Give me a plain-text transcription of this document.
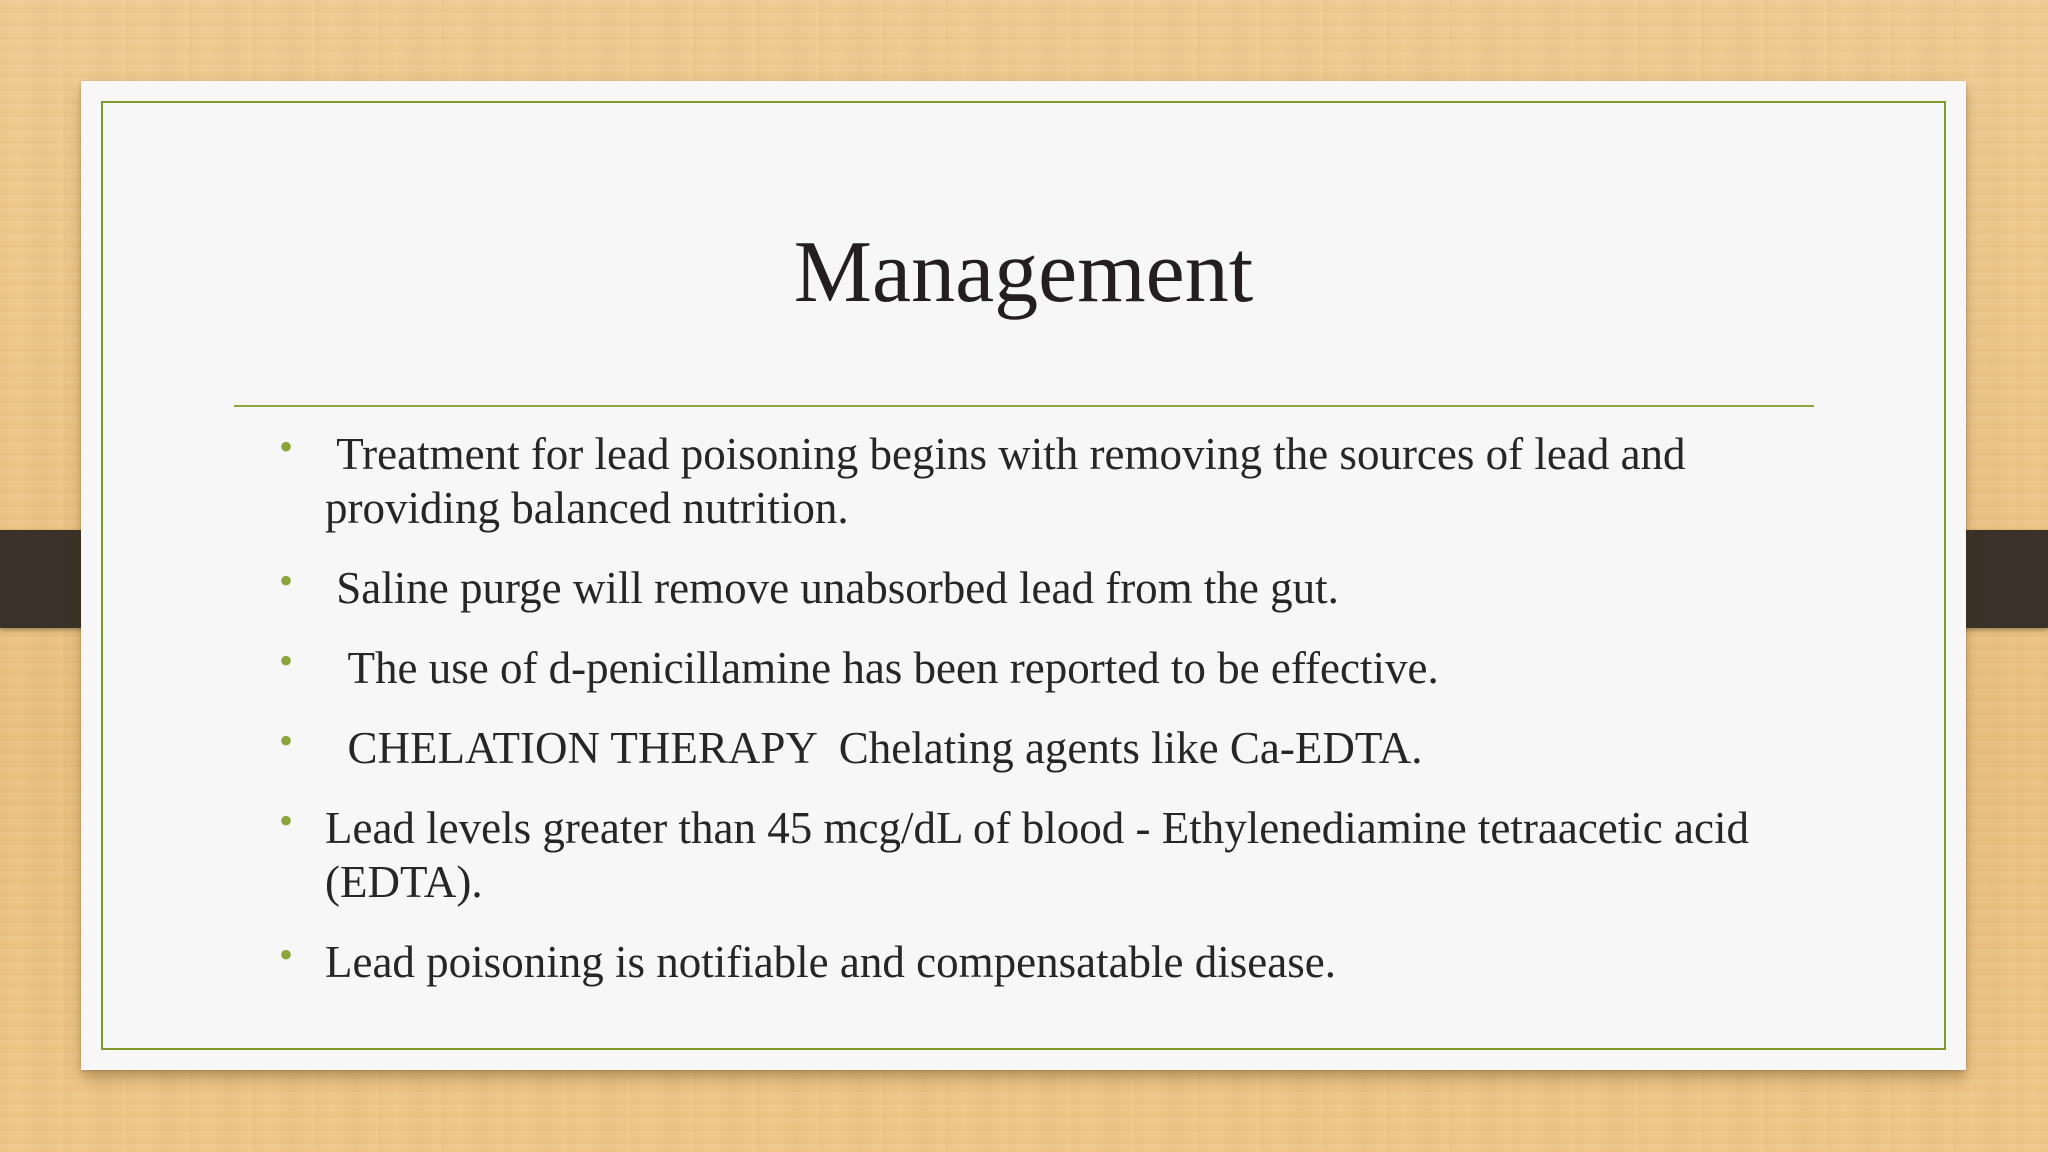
Management
• Treatment for lead poisoning begins with removing the sources of lead and providing balanced nutrition.
• Saline purge will remove unabsorbed lead from the gut.
• The use of d-penicillamine has been reported to be effective.
• CHELATION THERAPY  Chelating agents like Ca-EDTA.
• Lead levels greater than 45 mcg/dL of blood - Ethylenediamine tetraacetic acid (EDTA).
• Lead poisoning is notifiable and compensatable disease.
